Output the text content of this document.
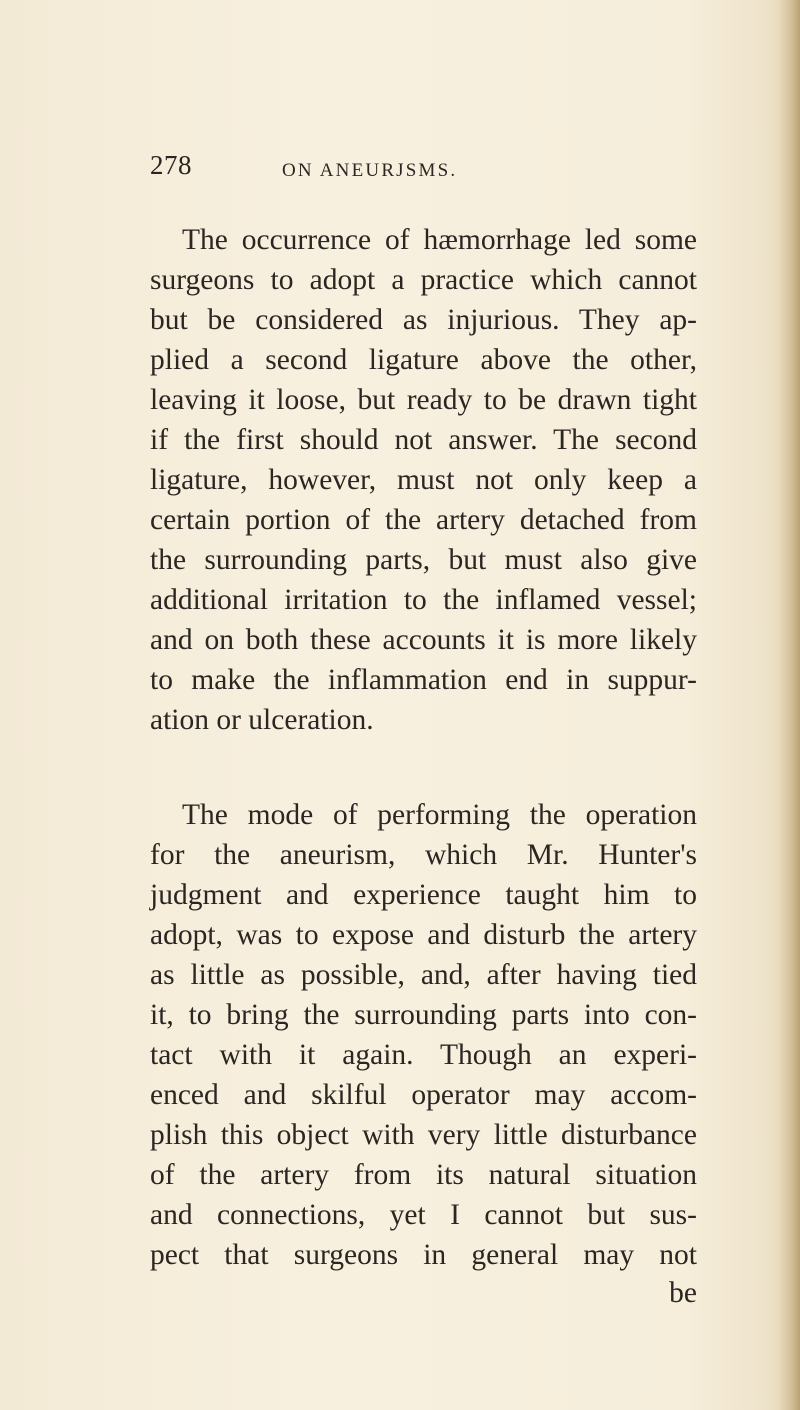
278	ON ANEURJSMS.
The occurrence of hæmorrhage led some
surgeons to adopt a practice which cannot
but be considered as injurious. They ap-
plied a second ligature above the other,
leaving it loose, but ready to be drawn tight
if the first should not answer. The second
ligature, however, must not only keep a
certain portion of the artery detached from
the surrounding parts, but must also give
additional irritation to the inflamed vessel;
and on both these accounts it is more likely
to make the inflammation end in suppur-
ation or ulceration.
The mode of performing the operation
for the aneurism, which Mr. Hunter's
judgment and experience taught him to
adopt, was to expose and disturb the artery
as little as possible, and, after having tied
it, to bring the surrounding parts into con-
tact with it again. Though an experi-
enced and skilful operator may accom-
plish this object with very little disturbance
of the artery from its natural situation
and connections, yet I cannot but sus-
pect that surgeons in general may not
be
